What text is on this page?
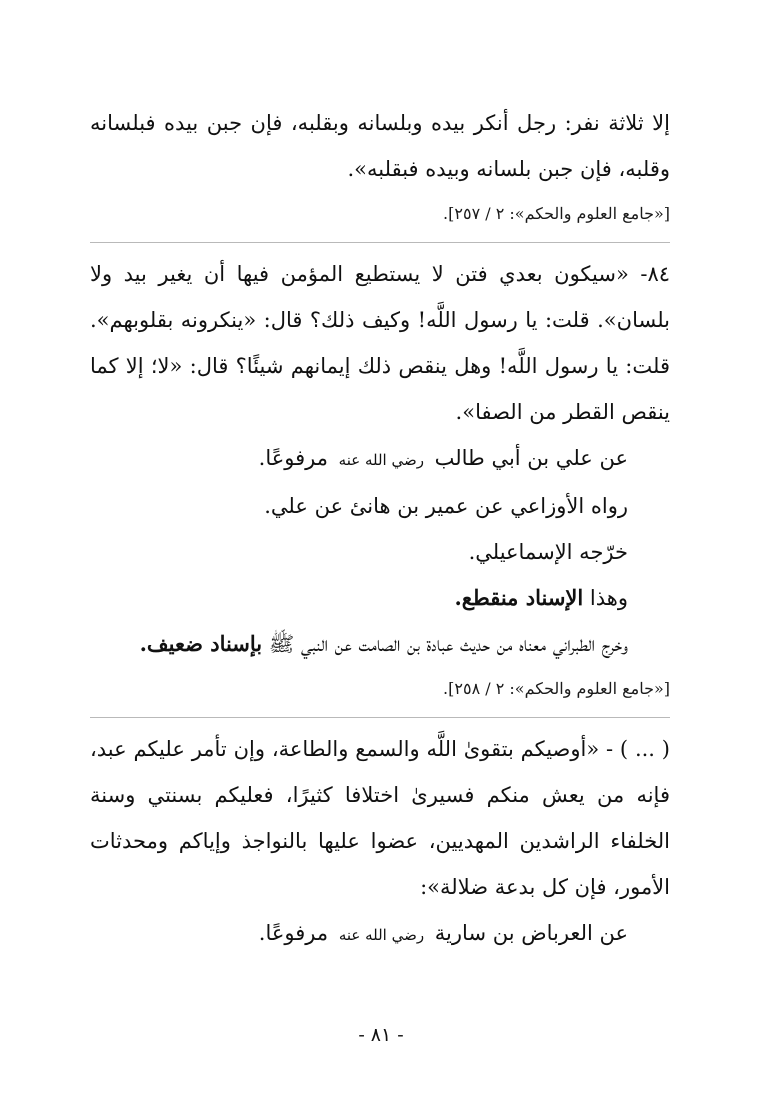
إلا ثلاثة نفر: رجل أنكر بيده وبلسانه وبقلبه، فإن جبن بيده فبلسانه وقلبه، فإن جبن بلسانه وبيده فبقلبه».

[«جامع العلوم والحكم»: ٢ / ٢٥٧].

٨٤- «سيكون بعدي فتن لا يستطيع المؤمن فيها أن يغير بيد ولا بلسان». قلت: يا رسول اللَّه! وكيف ذلك؟ قال: «ينكرونه بقلوبهم». قلت: يا رسول اللَّه! وهل ينقص ذلك إيمانهم شيئًا؟ قال: «لا؛ إلا كما ينقص القطر من الصفا».

عن علي بن أبي طالب رضي الله عنه مرفوعًا.

رواه الأوزاعي عن عمير بن هانئ عن علي.

خرّجه الإسماعيلي.

وهذا الإسناد منقطع.

وخرج الطبراني معناه من حديث عبادة بن الصامت عن النبي ﷺ بإسناد ضعيف.

[«جامع العلوم والحكم»: ٢ / ٢٥٨].

( ... ) - «أوصيكم بتقوىٰ اللَّه والسمع والطاعة، وإن تأمر عليكم عبد، فإنه من يعش منكم فسيرىٰ اختلافا كثيرًا، فعليكم بسنتي وسنة الخلفاء الراشدين المهديين، عضوا عليها بالنواجذ وإياكم ومحدثات الأمور، فإن كل بدعة ضلالة»:

عن العرباض بن سارية رضي الله عنه مرفوعًا.

- ٨١ -
